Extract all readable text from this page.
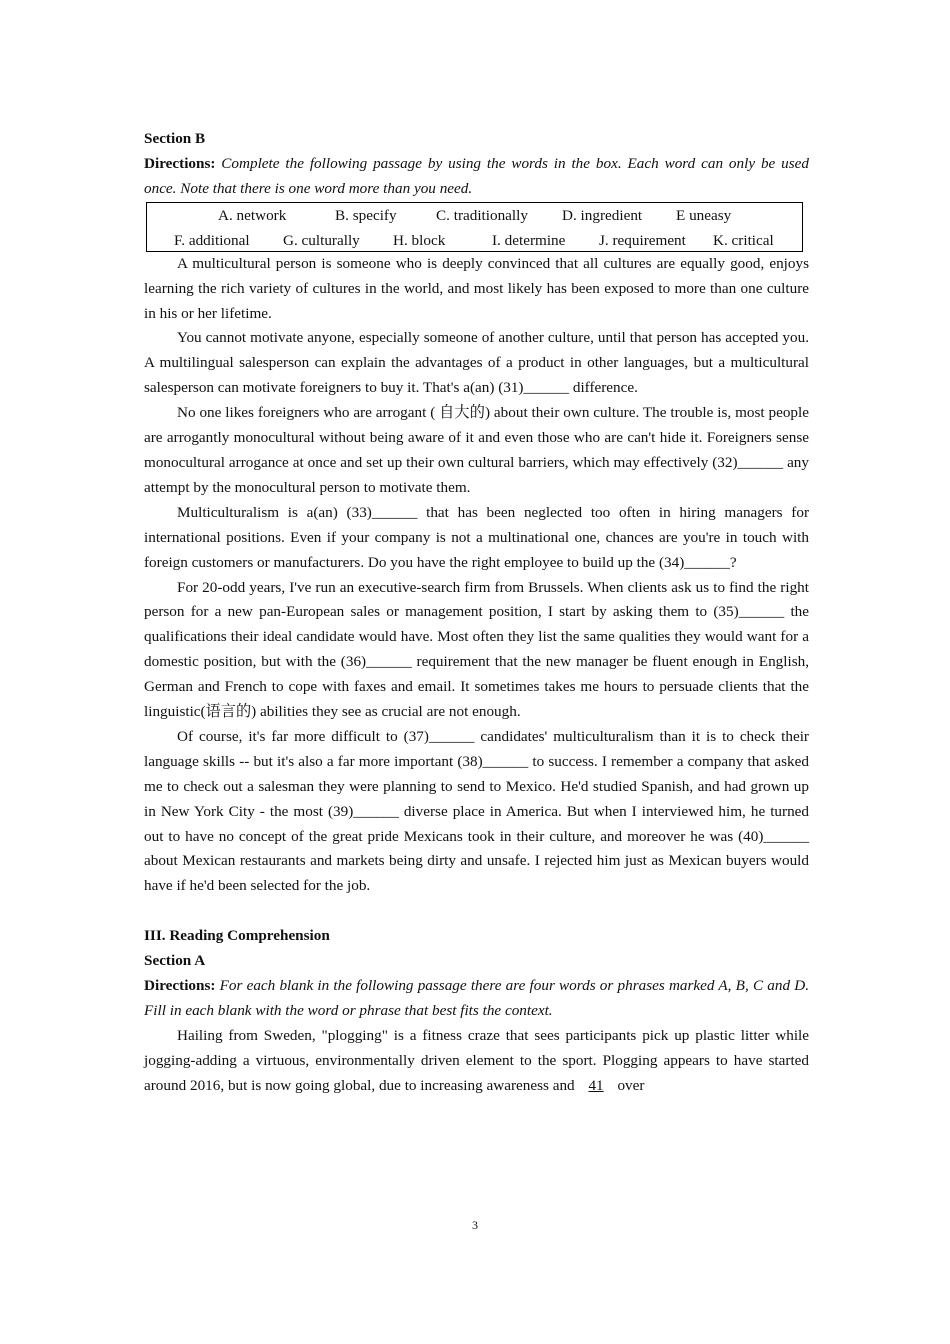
Section B
Directions: Complete the following passage by using the words in the box. Each word can only be used once. Note that there is one word more than you need.
A. network	B. specify	C. traditionally D. ingredient E uneasy
F. additional G. culturally H. block	I. determine J. requirement K. critical

A multicultural person is someone who is deeply convinced that all cultures are equally good, enjoys learning the rich variety of cultures in the world, and most likely has been exposed to more than one culture in his or her lifetime.

You cannot motivate anyone, especially someone of another culture, until that person has accepted you. A multilingual salesperson can explain the advantages of a product in other languages, but a multicultural salesperson can motivate foreigners to buy it. That's a(an) (31)______ difference.

No one likes foreigners who are arrogant ( 自大的) about their own culture. The trouble is, most people are arrogantly monocultural without being aware of it and even those who are can't hide it. Foreigners sense monocultural arrogance at once and set up their own cultural barriers, which may effectively (32)______ any attempt by the monocultural person to motivate them.

Multiculturalism is a(an) (33)______ that has been neglected too often in hiring managers for international positions. Even if your company is not a multinational one, chances are you're in touch with foreign customers or manufacturers. Do you have the right employee to build up the (34)______?

For 20-odd years, I've run an executive-search firm from Brussels. When clients ask us to find the right person for a new pan-European sales or management position, I start by asking them to (35)______ the qualifications their ideal candidate would have. Most often they list the same qualities they would want for a domestic position, but with the (36)______ requirement that the new manager be fluent enough in English, German and French to cope with faxes and email. It sometimes takes me hours to persuade clients that the linguistic(语言的) abilities they see as crucial are not enough.

Of course, it's far more difficult to (37)______ candidates' multiculturalism than it is to check their language skills -- but it's also a far more important (38)______ to success. I remember a company that asked me to check out a salesman they were planning to send to Mexico. He'd studied Spanish, and had grown up in New York City - the most (39)______ diverse place in America. But when I interviewed him, he turned out to have no concept of the great pride Mexicans took in their culture, and moreover he was (40)______ about Mexican restaurants and markets being dirty and unsafe. I rejected him just as Mexican buyers would have if he'd been selected for the job.

III. Reading Comprehension
Section A
Directions: For each blank in the following passage there are four words or phrases marked A, B, C and D. Fill in each blank with the word or phrase that best fits the context.

Hailing from Sweden, "plogging" is a fitness craze that sees participants pick up plastic litter while jogging-adding a virtuous, environmentally driven element to the sport. Plogging appears to have started around 2016, but is now going global, due to increasing awareness and 41 over

3
